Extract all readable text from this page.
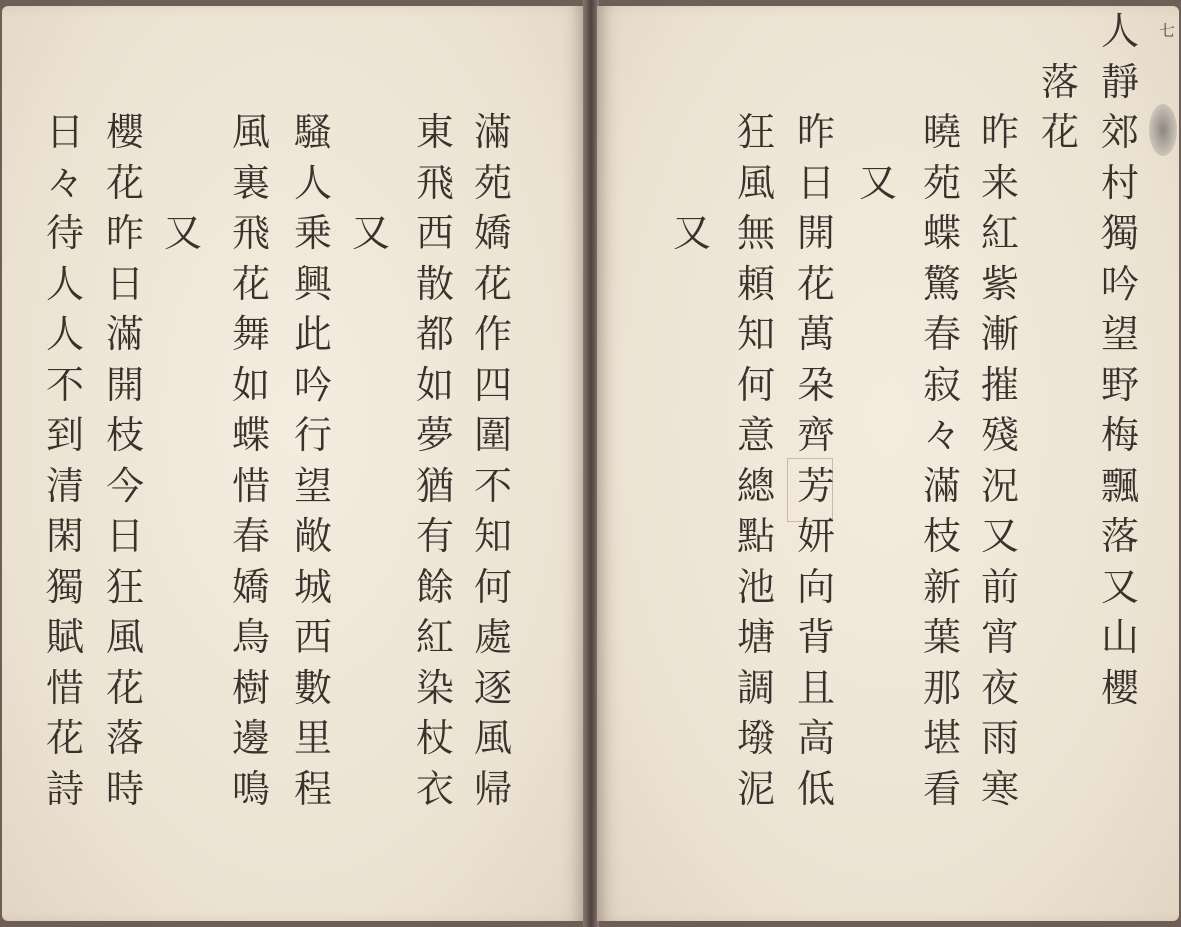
滿
苑
嬌
花
作
四
圍
不
知
何
處
逐
風
帰

東
飛
西
散
都
如
夢
猶
有
餘
紅
染
杖
衣

又

騷
人
乗
興
此
吟
行
望
敞
城
西
數
里
程

風
裏
飛
花
舞
如
蝶
惜
春
嬌
鳥
樹
邊
鳴

又

櫻
花
昨
日
滿
開
枝
今
日
狂
風
花
落
時

日
々
待
人
人
不
到
清
閑
獨
賦
惜
花
詩
七
人
靜
郊
村
獨
吟
望
野
梅
飄
落
又
山
櫻

落
花

昨
来
紅
紫
漸
摧
殘
況
又
前
宵
夜
雨
寒

曉
苑
蝶
驚
春
寂
々
滿
枝
新
葉
那
堪
看

又

昨
日
開
花
萬
朶
齊
芳
妍
向
背
且
高
低

狂
風
無
頼
知
何
意
總
點
池
塘
調
墢
泥

又
